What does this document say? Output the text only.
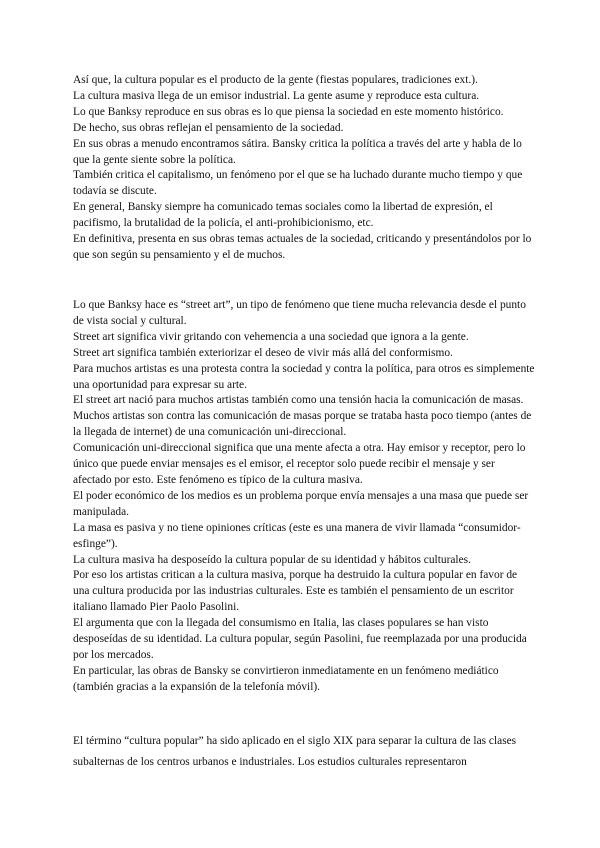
Así que, la cultura popular es el producto de la gente (fiestas populares, tradiciones ext.).

La cultura masiva llega de un emisor industrial. La gente asume y reproduce esta cultura.

Lo que Banksy reproduce en sus obras es lo que piensa la sociedad en este momento histórico.

De hecho, sus obras reflejan el pensamiento de la sociedad.

En sus obras a menudo encontramos sátira. Bansky critica la política a través del arte y habla de lo que la gente siente sobre la política.

También critica el capitalismo, un fenómeno por el que se ha luchado durante mucho tiempo y que todavía se discute.

En general, Bansky siempre ha comunicado temas sociales como la libertad de expresión, el pacifismo, la brutalidad de la policía, el anti-prohibicionismo, etc.

En definitiva, presenta en sus obras temas actuales de la sociedad, criticando y presentándolos por lo que son según su pensamiento y el de muchos.

Lo que Banksy hace es “street art”, un tipo de fenómeno que tiene mucha relevancia desde el punto de vista social y cultural.

Street art significa vivir gritando con vehemencia a una sociedad que ignora a la gente.

Street art significa también exteriorizar el deseo de vivir más allá del conformismo.

Para muchos artistas es una protesta contra la sociedad y contra la política, para otros es simplemente una oportunidad para expresar su arte.

El street art nació para muchos artistas también como una tensión hacia la comunicación de masas.

Muchos artistas son contra las comunicación de masas porque se trataba hasta poco tiempo (antes de la llegada de internet) de una comunicación uni-direccional.

Comunicación uni-direccional significa que una mente afecta a otra. Hay emisor y receptor, pero lo único que puede enviar mensajes es el emisor, el receptor solo puede recibir el mensaje y ser afectado por esto. Este fenómeno es típico de la cultura masiva.

El poder económico de los medios es un problema porque envía mensajes a una masa que puede ser manipulada.

La masa es pasiva y no tiene opiniones críticas (este es una manera de vivir llamada “consumidor-esfinge”).

La cultura masiva ha desposeído la cultura popular de su identidad y hábitos culturales.

Por eso los artistas critican a la cultura masiva, porque ha destruido la cultura popular en favor de una cultura producida por las industrias culturales. Este es también el pensamiento de un escritor italiano llamado Pier Paolo Pasolini.

El argumenta que con la llegada del consumismo en Italia, las clases populares se han visto desposeídas de su identidad. La cultura popular, según Pasolini, fue reemplazada por una producida por los mercados.

En particular, las obras de Bansky se convirtieron inmediatamente en un fenómeno mediático (también gracias a la expansión de la telefonía móvil).

El término “cultura popular” ha sido aplicado en el siglo XIX para separar la cultura de las clases subalternas de los centros urbanos e industriales. Los estudios culturales representaron
